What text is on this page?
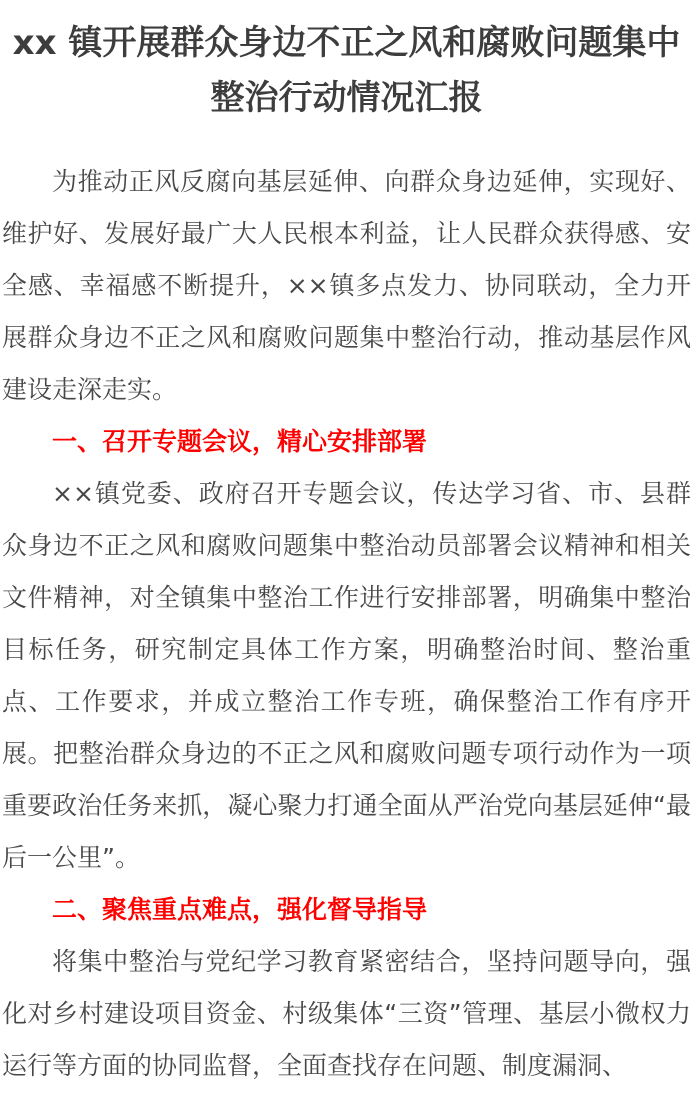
xx 镇开展群众身边不正之风和腐败问题集中整治行动情况汇报

为推动正风反腐向基层延伸、向群众身边延伸，实现好、维护好、发展好最广大人民根本利益，让人民群众获得感、安全感、幸福感不断提升，××镇多点发力、协同联动，全力开展群众身边不正之风和腐败问题集中整治行动，推动基层作风建设走深走实。

一、召开专题会议，精心安排部署

××镇党委、政府召开专题会议，传达学习省、市、县群众身边不正之风和腐败问题集中整治动员部署会议精神和相关文件精神，对全镇集中整治工作进行安排部署，明确集中整治目标任务，研究制定具体工作方案，明确整治时间、整治重点、工作要求，并成立整治工作专班，确保整治工作有序开展。把整治群众身边的不正之风和腐败问题专项行动作为一项重要政治任务来抓，凝心聚力打通全面从严治党向基层延伸“最后一公里”。

二、聚焦重点难点，强化督导指导

将集中整治与党纪学习教育紧密结合，坚持问题导向，强化对乡村建设项目资金、村级集体“三资”管理、基层小微权力运行等方面的协同监督，全面查找存在问题、制度漏洞、
